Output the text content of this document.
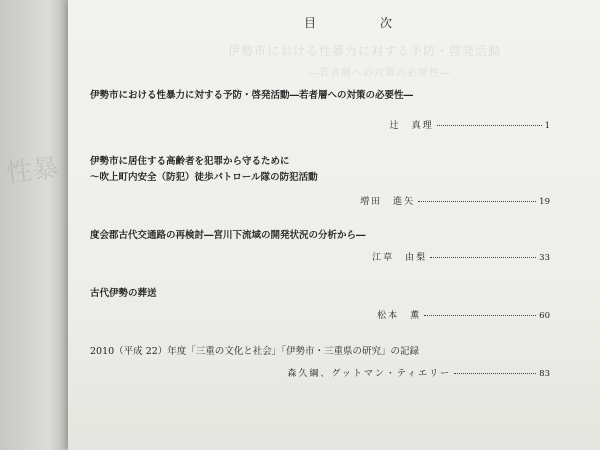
性暴
伊勢市における性暴力に対する予防・啓発活動
―若者層への対策の必要性―
目　次
伊勢市における性暴力に対する予防・啓発活動―若者層への対策の必要性―
辻　真理	1
伊勢市に居住する高齢者を犯罪から守るために
～吹上町内安全（防犯）徒歩パトロール隊の防犯活動
増田　進矢	19
度会郡古代交通路の再検討―宮川下流域の開発状況の分析から―
江草　由梨	33
古代伊勢の葬送
松本　薫	60
2010（平成 22）年度「三重の文化と社会」「伊勢市・三重県の研究」の記録
森久綱、グットマン・ティエリー	83
